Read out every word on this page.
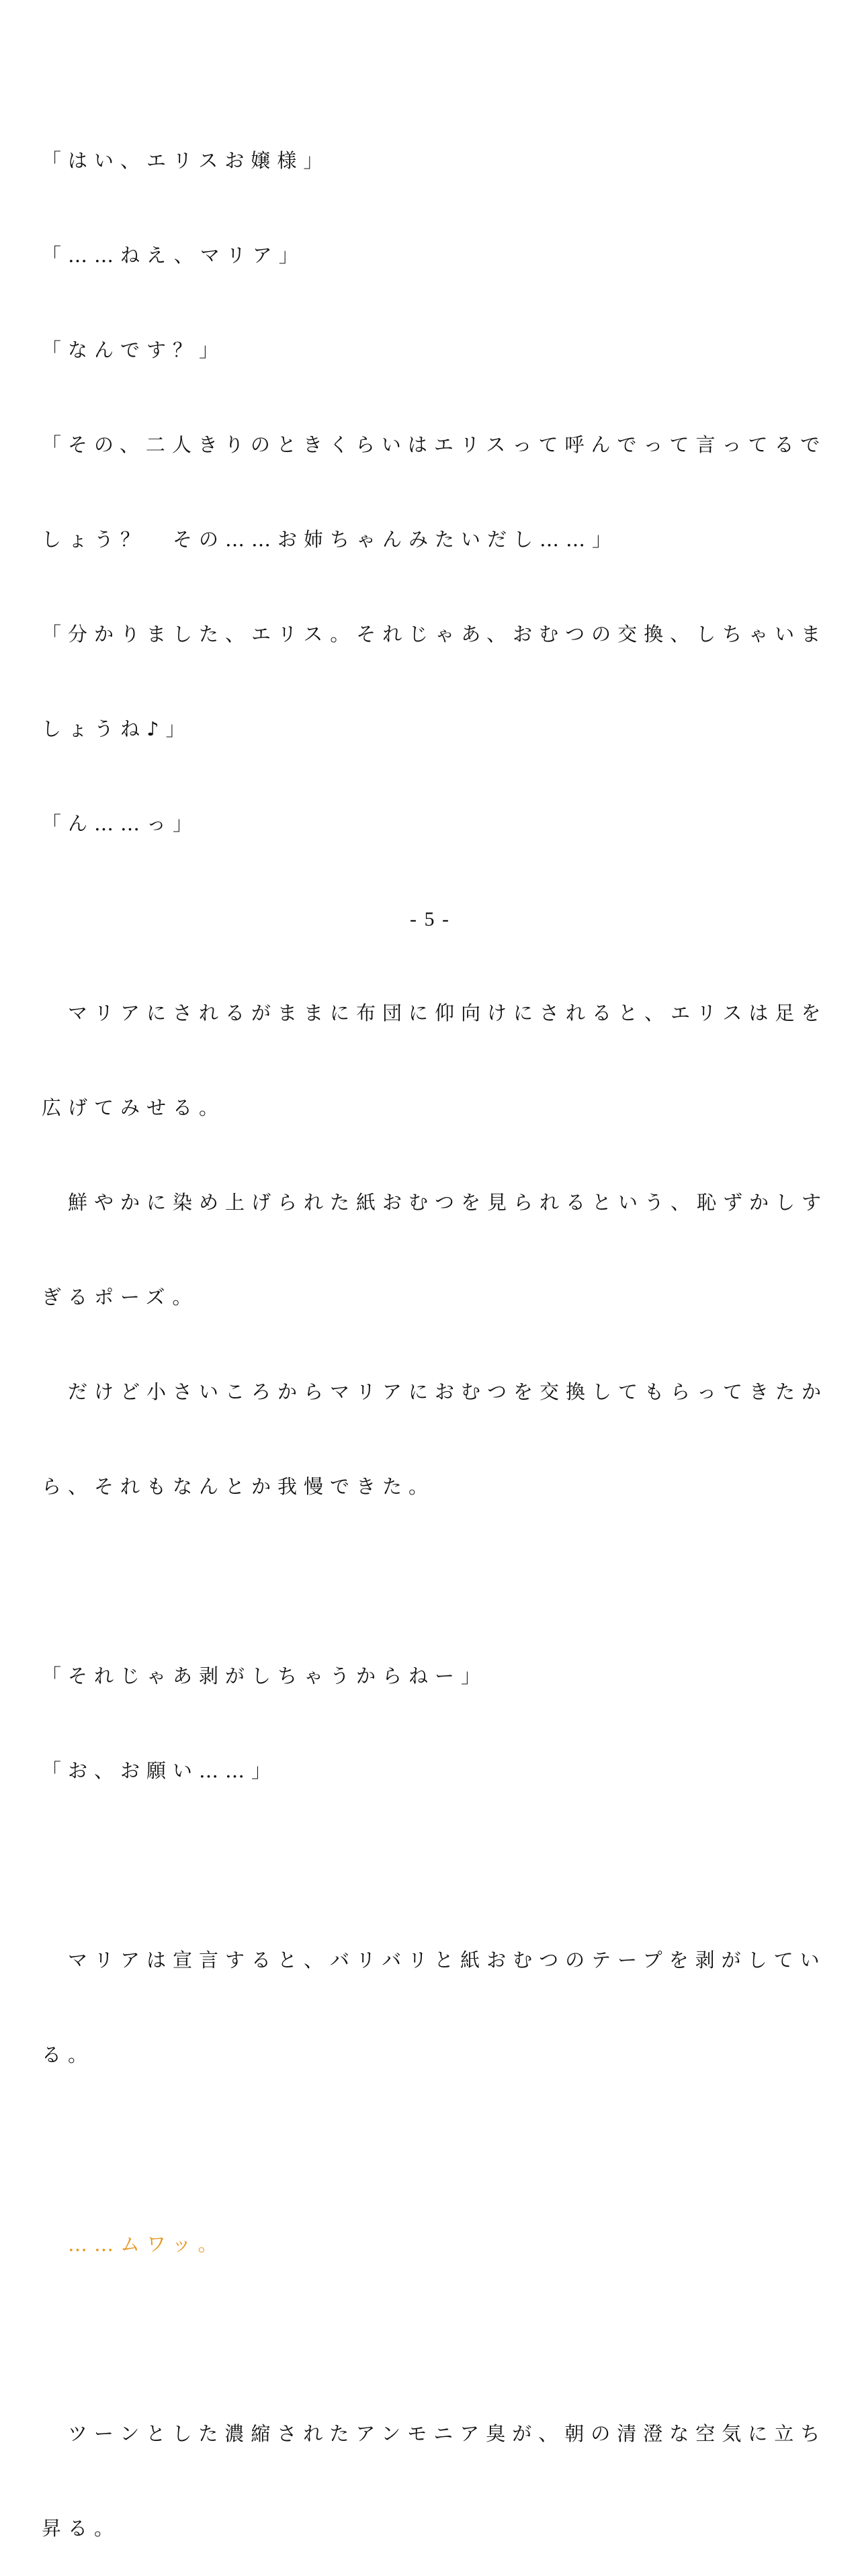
「はい、エリスお嬢様」

「……ねえ、マリア」

「なんです？」

「その、二人きりのときくらいはエリスって呼んでって言ってるで

しょう？　その……お姉ちゃんみたいだし……」

「分かりました、エリス。それじゃあ、おむつの交換、しちゃいま

しょうね♪」

「ん……っ」

　マリアにされるがままに布団に仰向けにされると、エリスは足を

広げてみせる。

　鮮やかに染め上げられた紙おむつを見られるという、恥ずかしす

ぎるポーズ。

　だけど小さいころからマリアにおむつを交換してもらってきたか

ら、それもなんとか我慢できた。

「それじゃあ剥がしちゃうからねー」

「お、お願い……」

　マリアは宣言すると、バリバリと紙おむつのテープを剥がしてい

る。

　……ムワッ。

　ツーンとした濃縮されたアンモニア臭が、朝の清澄な空気に立ち

昇る。

- 5 -
